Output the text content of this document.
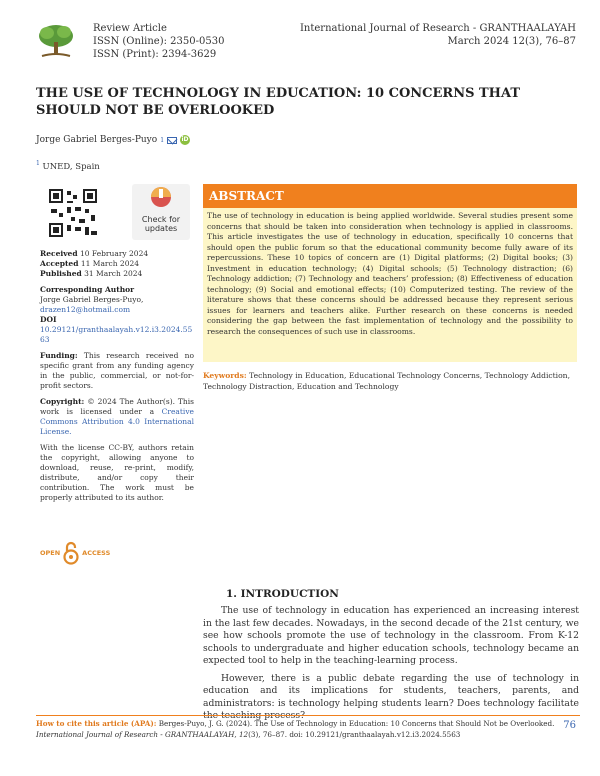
Review Article
ISSN (Online): 2350-0530
ISSN (Print): 2394-3629
International Journal of Research - GRANTHAALAYAH
March 2024 12(3), 76–87
THE USE OF TECHNOLOGY IN EDUCATION: 10 CONCERNS THAT SHOULD NOT BE OVERLOOKED
Jorge Gabriel Berges-Puyo 1	iD
$^1$ UNED, Spain
Check for
updates
Received 10 February 2024
Accepted 11 March 2024
Published 31 March 2024
Corresponding Author
Jorge Gabriel Berges-Puyo,
drazen12@hotmail.com
DOI
10.29121/granthaalayah.v12.i3.2024.5563
Funding: This research received no specific grant from any funding agency in the public, commercial, or not-for-profit sectors.
Copyright: © 2024 The Author(s). This work is licensed under a Creative Commons Attribution 4.0 International License.
With the license CC-BY, authors retain the copyright, allowing anyone to download, reuse, re-print, modify, distribute, and/or copy their contribution. The work must be properly attributed to its author.
OPEN	ACCESS
ABSTRACT
The use of technology in education is being applied worldwide. Several studies present some concerns that should be taken into consideration when technology is applied in classrooms. This article investigates the use of technology in education, specifically 10 concerns that should open the public forum so that the educational community become fully aware of its repercussions. These 10 topics of concern are (1) Digital platforms; (2) Digital books; (3) Investment in education technology; (4) Digital schools; (5) Technology distraction; (6) Technology addiction; (7) Technology and teachers’ profession; (8) Effectiveness of education technology; (9) Social and emotional effects; (10) Computerized testing. The review of the literature shows that these concerns should be addressed because they represent serious issues for learners and teachers alike. Further research on these concerns is needed considering the gap between the fast implementation of technology and the possibility to research the consequences of such use in classrooms.
Keywords: Technology in Education, Educational Technology Concerns, Technology Addiction, Technology Distraction, Education and Technology
1. INTRODUCTION

The use of technology in education has experienced an increasing interest in the last few decades. Nowadays, in the second decade of the 21st century, we see how schools promote the use of technology in the classroom. From K-12 schools to undergraduate and higher education schools, technology became an expected tool to help in the teaching-learning process.

However, there is a public debate regarding the use of technology in education and its implications for students, teachers, parents, and administrators: is technology helping students learn? Does technology facilitate

How to cite this article (APA): Berges-Puyo, J. G. (2024). The Use of Technology in Education: 10 Concerns that Should Not be Overlooked. International Journal of Research - GRANTHAALAYAH, 12(3), 76–87. doi: 10.29121/granthaalayah.v12.i3.2024.5563
76
